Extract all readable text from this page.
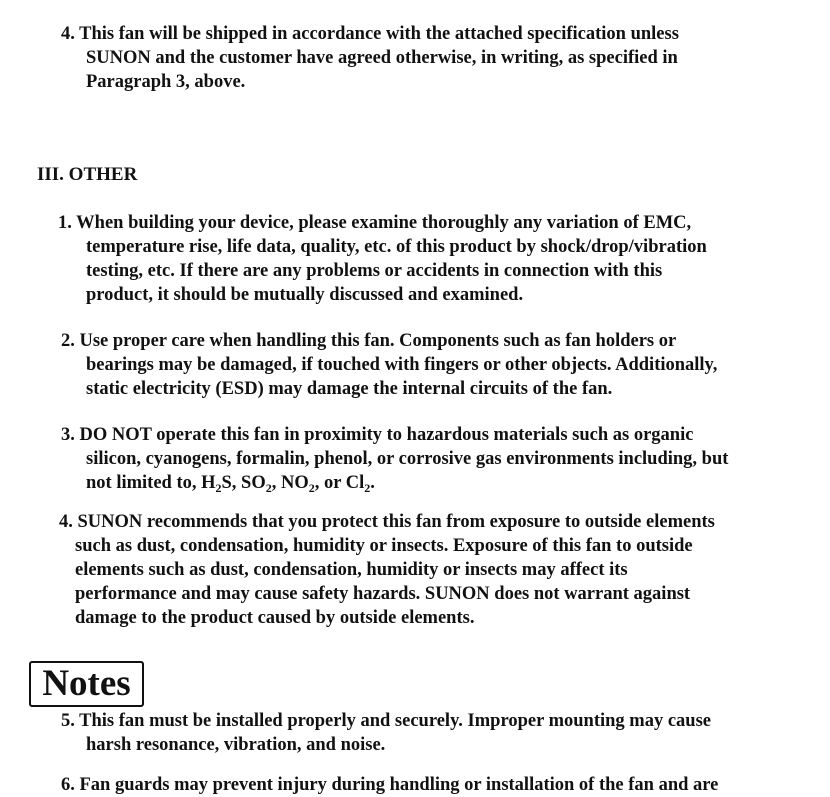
4. This fan will be shipped in accordance with the attached specification unless
SUNON and the customer have agreed otherwise, in writing, as specified in
Paragraph 3, above.
III. OTHER
1. When building your device, please examine thoroughly any variation of EMC,
temperature rise, life data, quality, etc. of this product by shock/drop/vibration
testing, etc. If there are any problems or accidents in connection with this
product, it should be mutually discussed and examined.
2. Use proper care when handling this fan. Components such as fan holders or
bearings may be damaged, if touched with fingers or other objects. Additionally,
static electricity (ESD) may damage the internal circuits of the fan.
3. DO NOT operate this fan in proximity to hazardous materials such as organic
silicon, cyanogens, formalin, phenol, or corrosive gas environments including, but
not limited to, $H_2S$, $SO_2$, $NO_2$, or $Cl_2$.
4. SUNON recommends that you protect this fan from exposure to outside elements
such as dust, condensation, humidity or insects. Exposure of this fan to outside
elements such as dust, condensation, humidity or insects may affect its
performance and may cause safety hazards. SUNON does not warrant against
damage to the product caused by outside elements.
Notes
5. This fan must be installed properly and securely. Improper mounting may cause
harsh resonance, vibration, and noise.
6. Fan guards may prevent injury during handling or installation of the fan and are
